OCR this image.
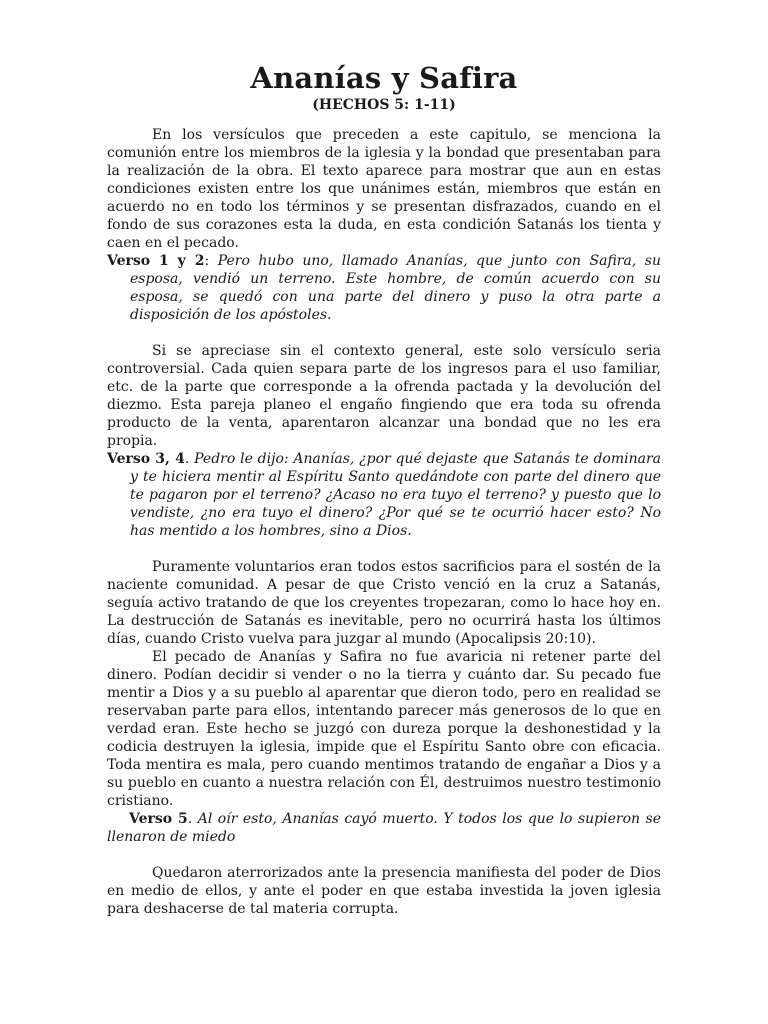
Ananías y Safira
(HECHOS 5: 1-11)

En los versículos que preceden a este capitulo, se menciona la comunión entre los miembros de la iglesia y la bondad que presentaban para la realización de la obra. El texto aparece para mostrar que aun en estas condiciones existen entre los que unánimes están, miembros que están en acuerdo no en todo los términos y se presentan disfrazados, cuando en el fondo de sus corazones esta la duda, en esta condición Satanás los tienta y caen en el pecado.

Verso 1 y 2: Pero hubo uno, llamado Ananías, que junto con Safira, su esposa, vendió un terreno. Este hombre, de común acuerdo con su esposa, se quedó con una parte del dinero y puso la otra parte a disposición de los apóstoles.

Si se apreciase sin el contexto general, este solo versículo seria controversial. Cada quien separa parte de los ingresos para el uso familiar, etc. de la parte que corresponde a la ofrenda pactada y la devolución del diezmo. Esta pareja planeo el engaño fingiendo que era toda su ofrenda producto de la venta, aparentaron alcanzar una bondad que no les era propia.

Verso 3, 4. Pedro le dijo: Ananías, ¿por qué dejaste que Satanás te dominara y te hiciera mentir al Espíritu Santo quedándote con parte del dinero que te pagaron por el terreno? ¿Acaso no era tuyo el terreno? y puesto que lo vendiste, ¿no era tuyo el dinero? ¿Por qué se te ocurrió hacer esto? No has mentido a los hombres, sino a Dios.

Puramente voluntarios eran todos estos sacrificios para el sostén de la naciente comunidad. A pesar de que Cristo venció en la cruz a Satanás, seguía activo tratando de que los creyentes tropezaran, como lo hace hoy en. La destrucción de Satanás es inevitable, pero no ocurrirá hasta los últimos días, cuando Cristo vuelva para juzgar al mundo (Apocalipsis 20:10).

El pecado de Ananías y Safira no fue avaricia ni retener parte del dinero. Podían decidir si vender o no la tierra y cuánto dar. Su pecado fue mentir a Dios y a su pueblo al aparentar que dieron todo, pero en realidad se reservaban parte para ellos, intentando parecer más generosos de lo que en verdad eran. Este hecho se juzgó con dureza porque la deshonestidad y la codicia destruyen la iglesia, impide que el Espíritu Santo obre con eficacia. Toda mentira es mala, pero cuando mentimos tratando de engañar a Dios y a su pueblo en cuanto a nuestra relación con Él, destruimos nuestro testimonio cristiano.

Verso 5. Al oír esto, Ananías cayó muerto. Y todos los que lo supieron se llenaron de miedo

Quedaron aterrorizados ante la presencia manifiesta del poder de Dios en medio de ellos, y ante el poder en que estaba investida la joven iglesia para deshacerse de tal materia corrupta.
